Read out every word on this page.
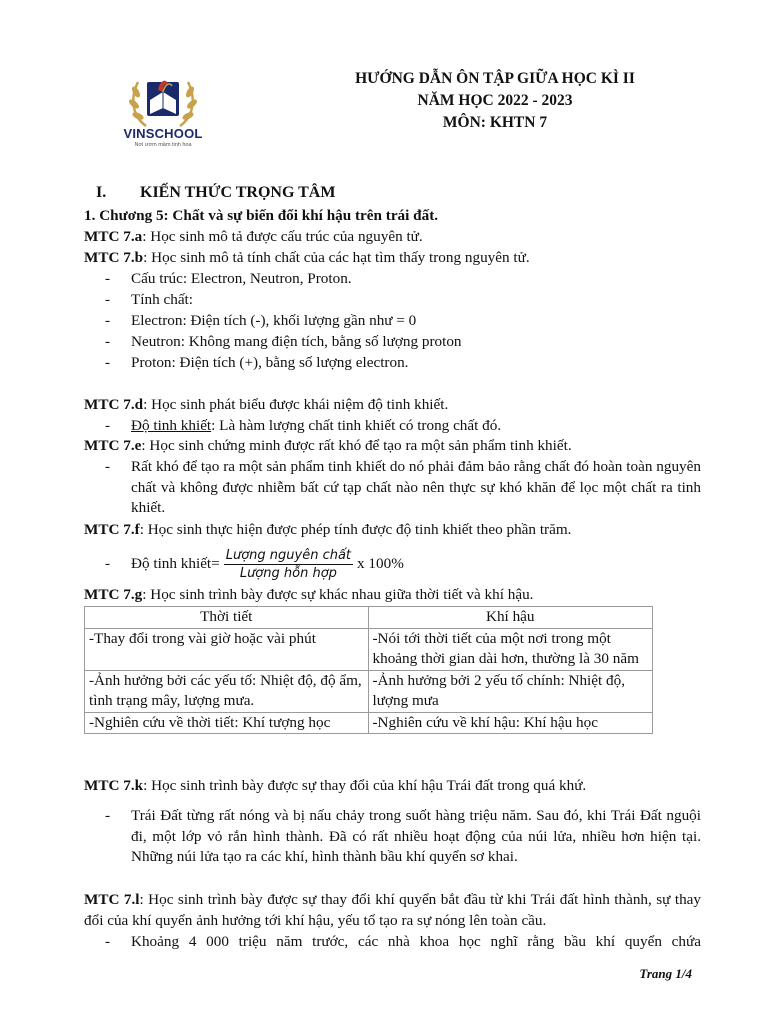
VINSCHOOL
Nơi ươm mầm tinh hoa
HƯỚNG DẪN ÔN TẬP GIỮA HỌC KÌ II
NĂM HỌC 2022 - 2023
MÔN: KHTN 7
I. KIẾN THỨC TRỌNG TÂM
1. Chương 5: Chất và sự biến đổi khí hậu trên trái đất.
MTC 7.a: Học sinh mô tả được cấu trúc của nguyên tử.
MTC 7.b: Học sinh mô tả tính chất của các hạt tìm thấy trong nguyên tử.
- Cấu trúc: Electron, Neutron, Proton.
- Tính chất:
- Electron: Điện tích (-), khối lượng gần như = 0
- Neutron: Không mang điện tích, bằng số lượng proton
- Proton: Điện tích (+), bằng số lượng electron.
MTC 7.d: Học sinh phát biểu được khái niệm độ tinh khiết.
- Độ tinh khiết: Là hàm lượng chất tinh khiết có trong chất đó.
MTC 7.e: Học sinh chứng minh được rất khó để tạo ra một sản phẩm tinh khiết.
- Rất khó để tạo ra một sản phẩm tinh khiết do nó phải đảm bảo rằng chất đó hoàn toàn nguyên chất và không được nhiễm bất cứ tạp chất nào nên thực sự khó khăn để lọc một chất ra tinh khiết.
MTC 7.f: Học sinh thực hiện được phép tính được độ tinh khiết theo phần trăm.
- Độ tinh khiết= $\frac{\text{Lượng nguyên chất}}{\text{Lượng hỗn hợp}}$ x 100%
MTC 7.g: Học sinh trình bày được sự khác nhau giữa thời tiết và khí hậu.
Thời tiết	Khí hậu
-Thay đổi trong vài giờ hoặc vài phút	-Nói tới thời tiết của một nơi trong một khoảng thời gian dài hơn, thường là 30 năm
-Ảnh hưởng bởi các yếu tố: Nhiệt độ, độ ẩm, tình trạng mây, lượng mưa.	-Ảnh hưởng bởi 2 yếu tố chính: Nhiệt độ, lượng mưa
-Nghiên cứu về thời tiết: Khí tượng học	-Nghiên cứu về khí hậu: Khí hậu học
MTC 7.k: Học sinh trình bày được sự thay đổi của khí hậu Trái đất trong quá khứ.
- Trái Đất từng rất nóng và bị nấu chảy trong suốt hàng triệu năm. Sau đó, khi Trái Đất nguội đi, một lớp vỏ rắn hình thành. Đã có rất nhiều hoạt động của núi lửa, nhiều hơn hiện tại. Những núi lửa tạo ra các khí, hình thành bầu khí quyển sơ khai.
MTC 7.l: Học sinh trình bày được sự thay đổi khí quyển bắt đầu từ khi Trái đất hình thành, sự thay đổi của khí quyển ảnh hưởng tới khí hậu, yếu tố tạo ra sự nóng lên toàn cầu.
- Khoảng 4 000 triệu năm trước, các nhà khoa học nghĩ rằng bầu khí quyển chứa
Trang 1/4
